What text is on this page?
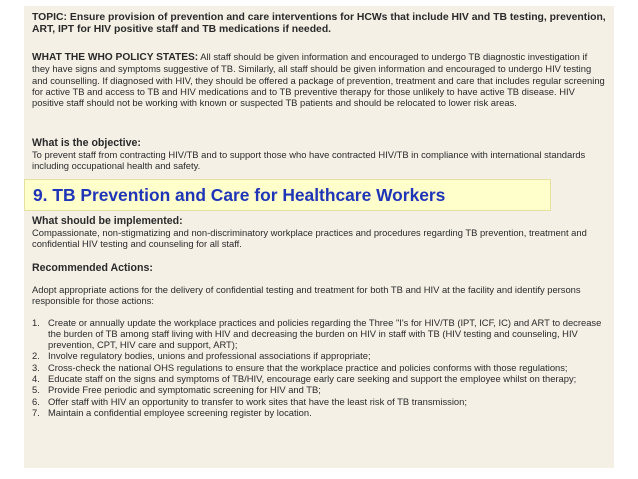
TOPIC: Ensure provision of prevention and care interventions for HCWs that include HIV and TB testing, prevention, ART, IPT for HIV positive staff and TB medications if needed.

WHAT THE WHO POLICY STATES: All staff should be given information and encouraged to undergo TB diagnostic investigation if they have signs and symptoms suggestive of TB. Similarly, all staff should be given information and encouraged to undergo HIV testing and counselling. If diagnosed with HIV, they should be offered a package of prevention, treatment and care that includes regular screening for active TB and access to TB and HIV medications and to TB preventive therapy for those unlikely to have active TB disease. HIV positive staff should not be working with known or suspected TB patients and should be relocated to lower risk areas.

What is the objective:

To prevent staff from contracting HIV/TB and to support those who have contracted HIV/TB in compliance with international standards including occupational health and safety.

9. TB Prevention and Care for Healthcare Workers

What should be implemented:

Compassionate, non-stigmatizing and non-discriminatory workplace practices and procedures regarding TB prevention, treatment and confidential HIV testing and counseling for all staff.

Recommended Actions:

Adopt appropriate actions for the delivery of confidential testing and treatment for both TB and HIV at the facility and identify persons responsible for those actions:

1. Create or annually update the workplace practices and policies regarding the Three "I's for HIV/TB (IPT, ICF, IC) and ART to decrease the burden of TB among staff living with HIV and decreasing the burden on HIV in staff with TB (HIV testing and counseling, HIV prevention, CPT, HIV care and support, ART);
2. Involve regulatory bodies, unions and professional associations if appropriate;
3. Cross-check the national OHS regulations to ensure that the workplace practice and policies conforms with those regulations;
4. Educate staff on the signs and symptoms of TB/HIV, encourage early care seeking and support the employee whilst on therapy;
5. Provide Free periodic and symptomatic screening for HIV and TB;
6. Offer staff with HIV an opportunity to transfer to work sites that have the least risk of TB transmission;
7. Maintain a confidential employee screening register by location.
